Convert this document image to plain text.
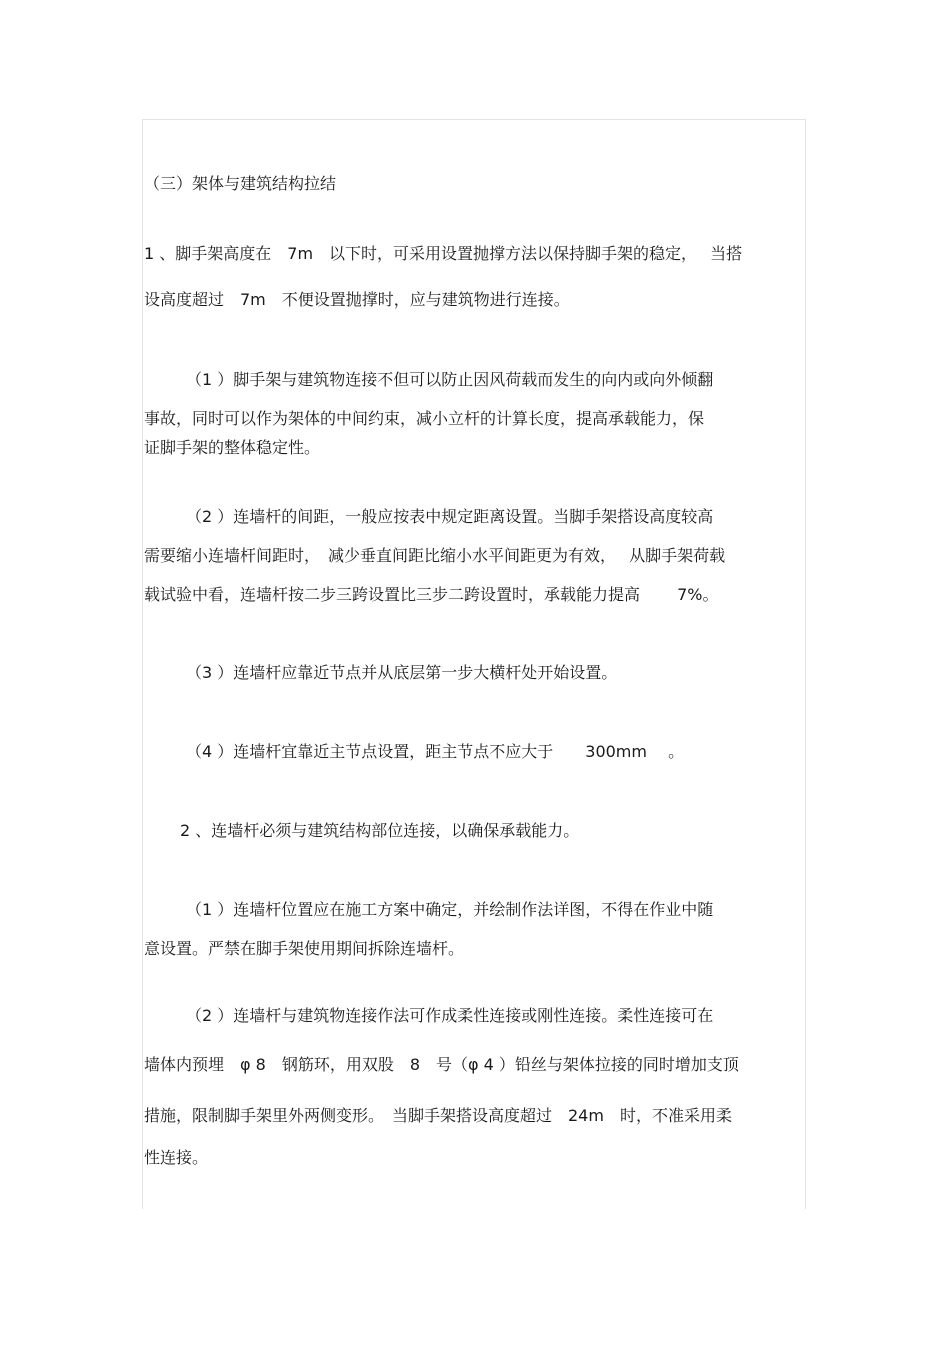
（三）架体与建筑结构拉结

1 、脚手架高度在　7m　以下时，可采用设置抛撑方法以保持脚手架的稳定，　 当搭

设高度超过　7m　不便设置抛撑时，应与建筑物进行连接。

（1 ）脚手架与建筑物连接不但可以防止因风荷载而发生的向内或向外倾翻

事故，同时可以作为架体的中间约束，减小立杆的计算长度，提高承载能力，保

证脚手架的整体稳定性。

（2 ）连墙杆的间距，一般应按表中规定距离设置。当脚手架搭设高度较高

需要缩小连墙杆间距时，　减少垂直间距比缩小水平间距更为有效，　 从脚手架荷载

载试验中看，连墙杆按二步三跨设置比三步二跨设置时，承载能力提高　　 7%。

（3 ）连墙杆应靠近节点并从底层第一步大横杆处开始设置。

（4 ）连墙杆宜靠近主节点设置，距主节点不应大于　　300mm　 。

2 、连墙杆必须与建筑结构部位连接，以确保承载能力。

（1 ）连墙杆位置应在施工方案中确定，并绘制作法详图，不得在作业中随

意设置。严禁在脚手架使用期间拆除连墙杆。

（2 ）连墙杆与建筑物连接作法可作成柔性连接或刚性连接。柔性连接可在

墙体内预埋　φ 8　钢筋环，用双股　8　号（φ 4 ）铅丝与架体拉接的同时增加支顶

措施，限制脚手架里外两侧变形。　当脚手架搭设高度超过　24m　时，不准采用柔

性连接。
